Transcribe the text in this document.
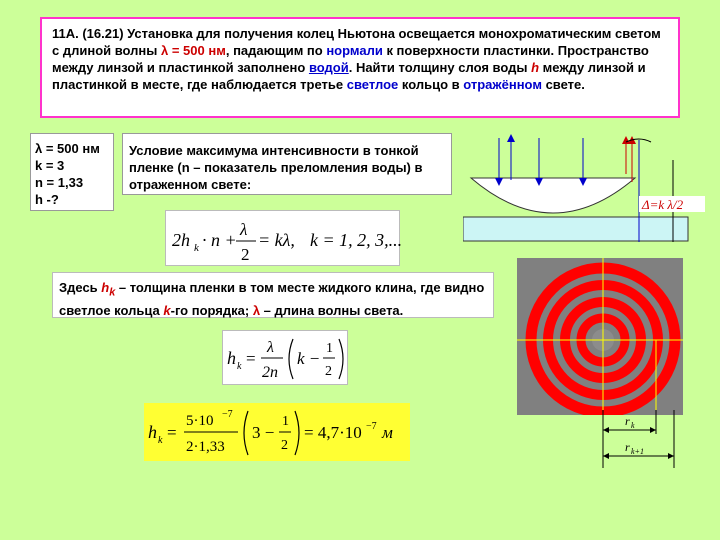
11А. (16.21) Установка для получения колец Ньютона освещается монохроматическим светом с длиной волны λ = 500 нм, падающим по нормали к поверхности пластинки. Пространство между линзой и пластинкой заполнено водой. Найти толщину слоя воды h между линзой и пластинкой в месте, где наблюдается третье светлое кольцо в отражённом свете.
λ = 500 нм
k = 3
n = 1,33
h -?
Условие максимума интенсивности в тонкой пленке (n – показатель преломления воды) в отраженном свете:
2h k · n +
λ
2
= kλ, k = 1, 2, 3,...
Здесь $h_k$ – толщина пленки в том месте жидкого клина, где видно светлое кольца k-го порядка; λ – длина волны света.
h k =
λ
2n
k −
1
2
h k =
5·10 −7
2·1,33
3 −
1
2
= 4,7·10 −7 м
Δ=k λ/2
r k
r k+1
